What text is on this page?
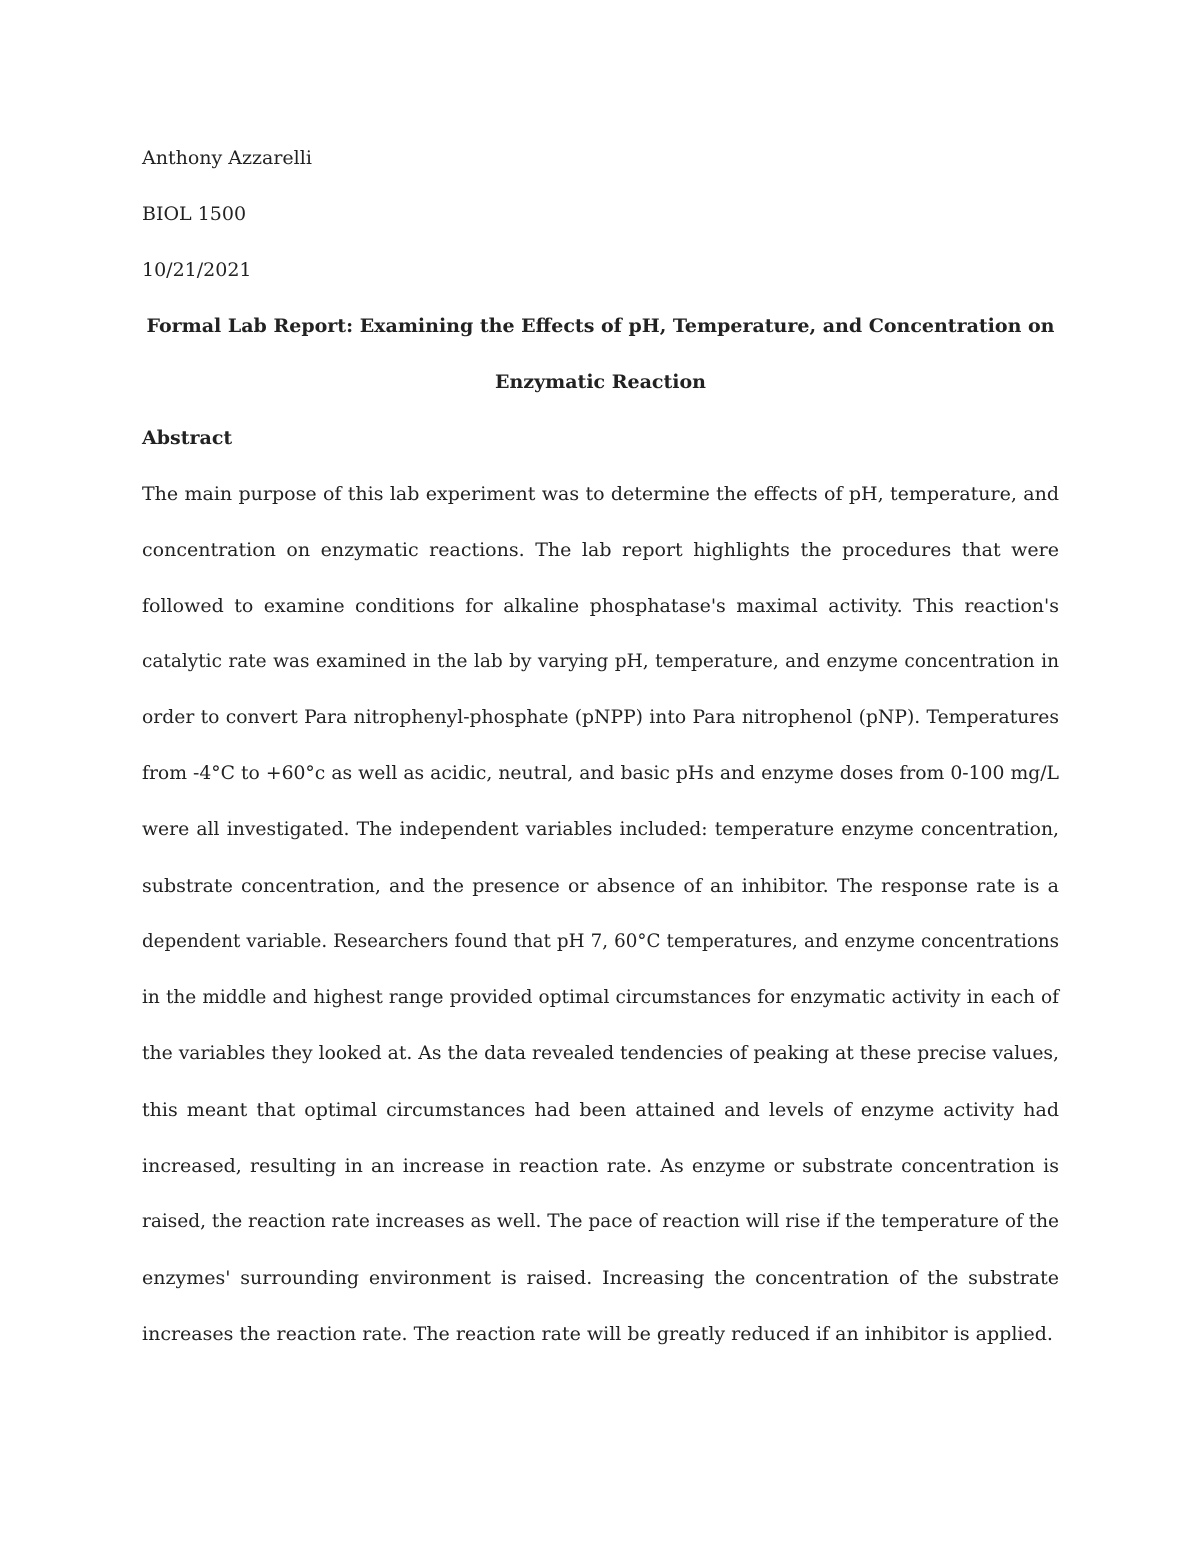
Anthony Azzarelli

BIOL 1500

10/21/2021

Formal Lab Report: Examining the Effects of pH, Temperature, and Concentration on

Enzymatic Reaction

Abstract

The main purpose of this lab experiment was to determine the effects of pH, temperature, and
concentration on enzymatic reactions. The lab report highlights the procedures that were
followed to examine conditions for alkaline phosphatase's maximal activity. This reaction's
catalytic rate was examined in the lab by varying pH, temperature, and enzyme concentration in
order to convert Para nitrophenyl-phosphate (pNPP) into Para nitrophenol (pNP). Temperatures
from -4°C to +60°c as well as acidic, neutral, and basic pHs and enzyme doses from 0-100 mg/L
were all investigated. The independent variables included: temperature enzyme concentration,
substrate concentration, and the presence or absence of an inhibitor. The response rate is a
dependent variable. Researchers found that pH 7, 60°C temperatures, and enzyme concentrations
in the middle and highest range provided optimal circumstances for enzymatic activity in each of
the variables they looked at. As the data revealed tendencies of peaking at these precise values,
this meant that optimal circumstances had been attained and levels of enzyme activity had
increased, resulting in an increase in reaction rate. As enzyme or substrate concentration is
raised, the reaction rate increases as well. The pace of reaction will rise if the temperature of the
enzymes' surrounding environment is raised. Increasing the concentration of the substrate
increases the reaction rate. The reaction rate will be greatly reduced if an inhibitor is applied.
